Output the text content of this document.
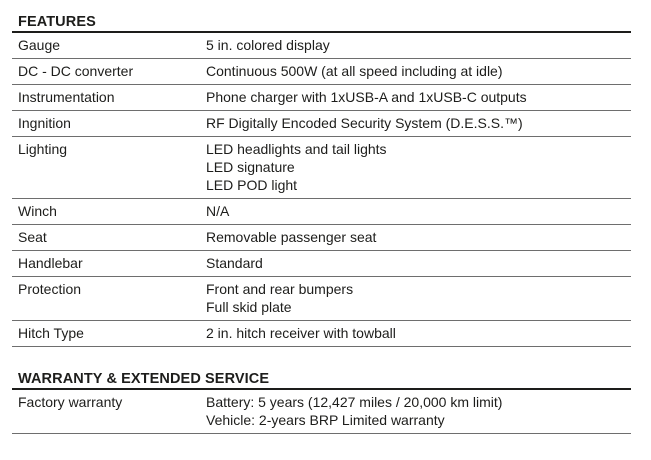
FEATURES
Gauge	5 in. colored display
DC - DC converter	Continuous 500W (at all speed including at idle)
Instrumentation	Phone charger with 1xUSB-A and 1xUSB-C outputs
Ingnition	RF Digitally Encoded Security System (D.E.S.S.™)
Lighting	LED headlights and tail lights
LED signature
LED POD light
Winch	N/A
Seat	Removable passenger seat
Handlebar	Standard
Protection	Front and rear bumpers
Full skid plate
Hitch Type	2 in. hitch receiver with towball
WARRANTY & EXTENDED SERVICE
Factory warranty	Battery: 5 years (12,427 miles / 20,000 km limit)
Vehicle: 2-years BRP Limited warranty
